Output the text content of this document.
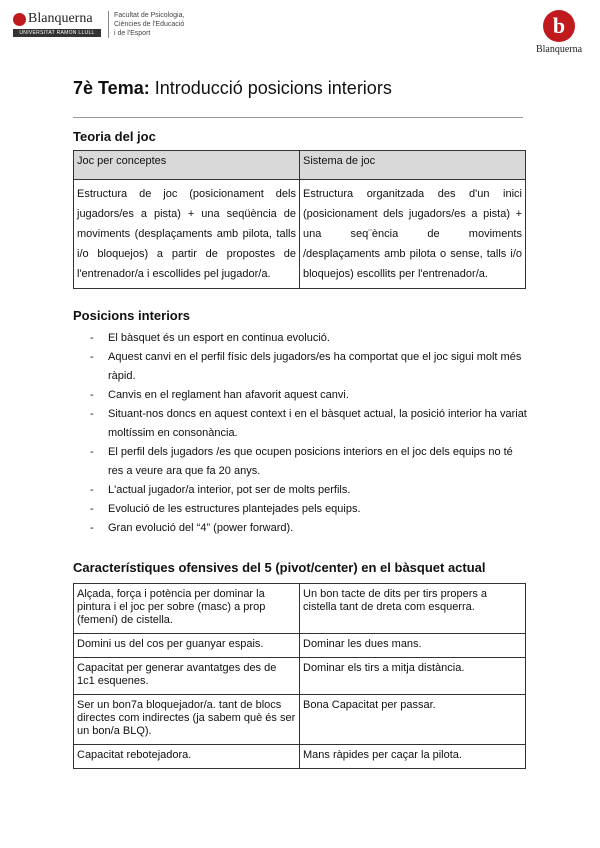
Blanquerna
UNIVERSITAT RAMON LLULL
Facultat de Psicologia,
Ciències de l'Educació
i de l'Esport	b
Blanquerna
7è Tema: Introducció posicions interiors
Teoria del joc
Joc per conceptes	Sistema de joc
Estructura de joc (posicionament dels jugadors/es a pista) + una seqüència de moviments (desplaçaments amb pilota, talls i/o bloquejos) a partir de propostes de l'entrenador/a i escollides pel jugador/a.	Estructura organitzada des d'un inici (posicionament dels jugadors/es a pista) + una seq¨ència de moviments /desplaçaments amb pilota o sense, talls i/o bloquejos) escollits per l'entrenador/a.
Posicions interiors
- El bàsquet és un esport en continua evolució.
- Aquest canvi en el perfil físic dels jugadors/es ha comportat que el joc sigui molt més ràpid.
- Canvis en el reglament han afavorit aquest canvi.
- Situant-nos doncs en aquest context i en el bàsquet actual, la posició interior ha variat moltíssim en consonància.
- El perfil dels jugadors /es que ocupen posicions interiors en el joc dels equips no té res a veure ara que fa 20 anys.
- L'actual jugador/a interior, pot ser de molts perfils.
- Evolució de les estructures plantejades pels equips.
- Gran evolució del “4” (power forward).
Característiques ofensives del 5 (pivot/center) en el bàsquet actual
Alçada, força i potència per dominar la pintura i el joc per sobre (masc) a prop (femení) de cistella.	Un bon tacte de dits per tirs propers a cistella tant de dreta com esquerra.
Domini us del cos per guanyar espais.	Dominar les dues mans.
Capacitat per generar avantatges des de 1c1 esquenes.	Dominar els tirs a mitja distància.
Ser un bon7a bloquejador/a. tant de blocs directes com indirectes (ja sabem què és ser un bon/a BLQ).	Bona Capacitat per passar.
Capacitat rebotejadora.	Mans ràpides per caçar la pilota.
